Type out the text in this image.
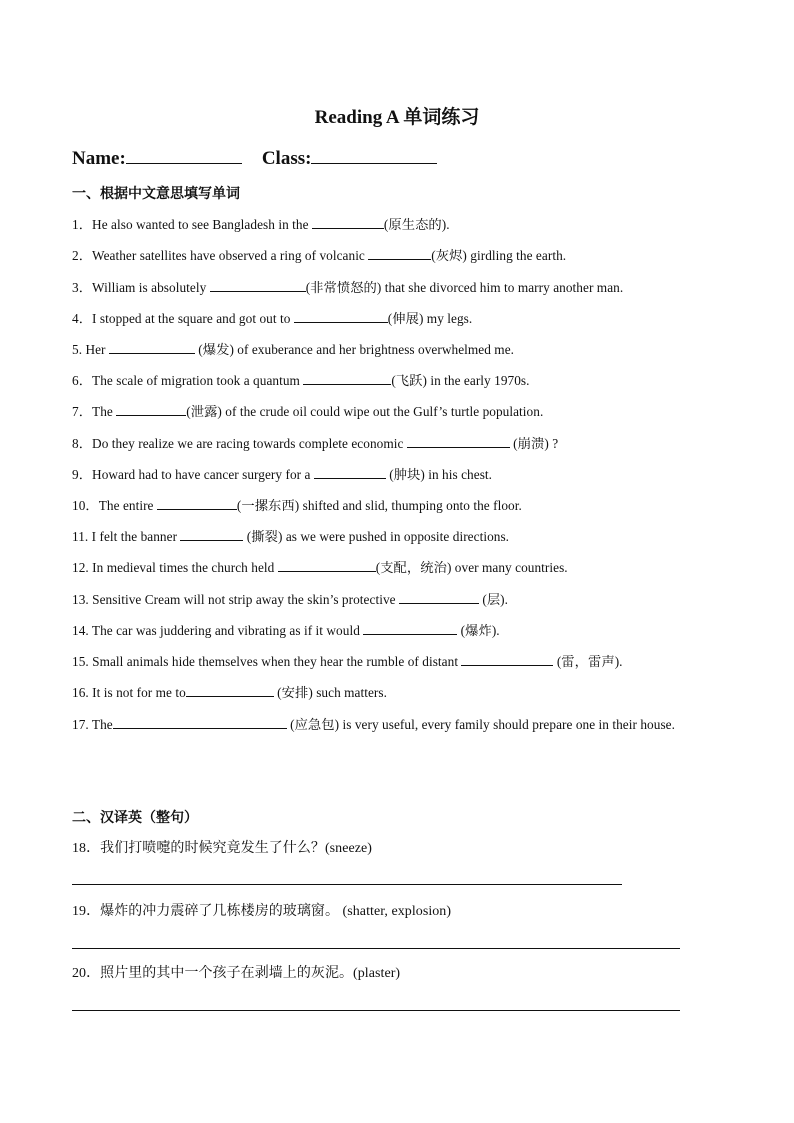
Reading A 单词练习
Name:	Class:
一、根据中文意思填写单词
1．He also wanted to see Bangladesh in the	(原生态的).
2．Weather satellites have observed a ring of volcanic	(灰烬) girdling the earth.
3．William is absolutely	(非常愤怒的) that she divorced him to marry another man.
4．I stopped at the square and got out to	(伸展) my legs.
5. Her	(爆发) of exuberance and her brightness overwhelmed me.
6．The scale of migration took a quantum	(飞跃) in the early 1970s.
7．The	(泄露) of the crude oil could wipe out the Gulf’s turtle population.
8．Do they realize we are racing towards complete economic	(崩溃) ?
9．Howard had to have cancer surgery for a	(肿块) in his chest.
10．The entire	(一摞东西) shifted and slid, thumping onto the floor.
11. I felt the banner	(撕裂) as we were pushed in opposite directions.
12. In medieval times the church held	(支配，统治) over many countries.
13. Sensitive Cream will not strip away the skin’s protective	(层).
14. The car was juddering and vibrating as if it would	(爆炸).
15. Small animals hide themselves when they hear the rumble of distant	(雷，雷声).
16. It is not for me to	(安排) such matters.
17. The	(应急包) is very useful, every family should prepare one in their house.
二、汉译英（整句）
18．我们打喷嚏的时候究竟发生了什么？(sneeze)
19．爆炸的冲力震碎了几栋楼房的玻璃窗。 (shatter, explosion)
20．照片里的其中一个孩子在剥墙上的灰泥。(plaster)
